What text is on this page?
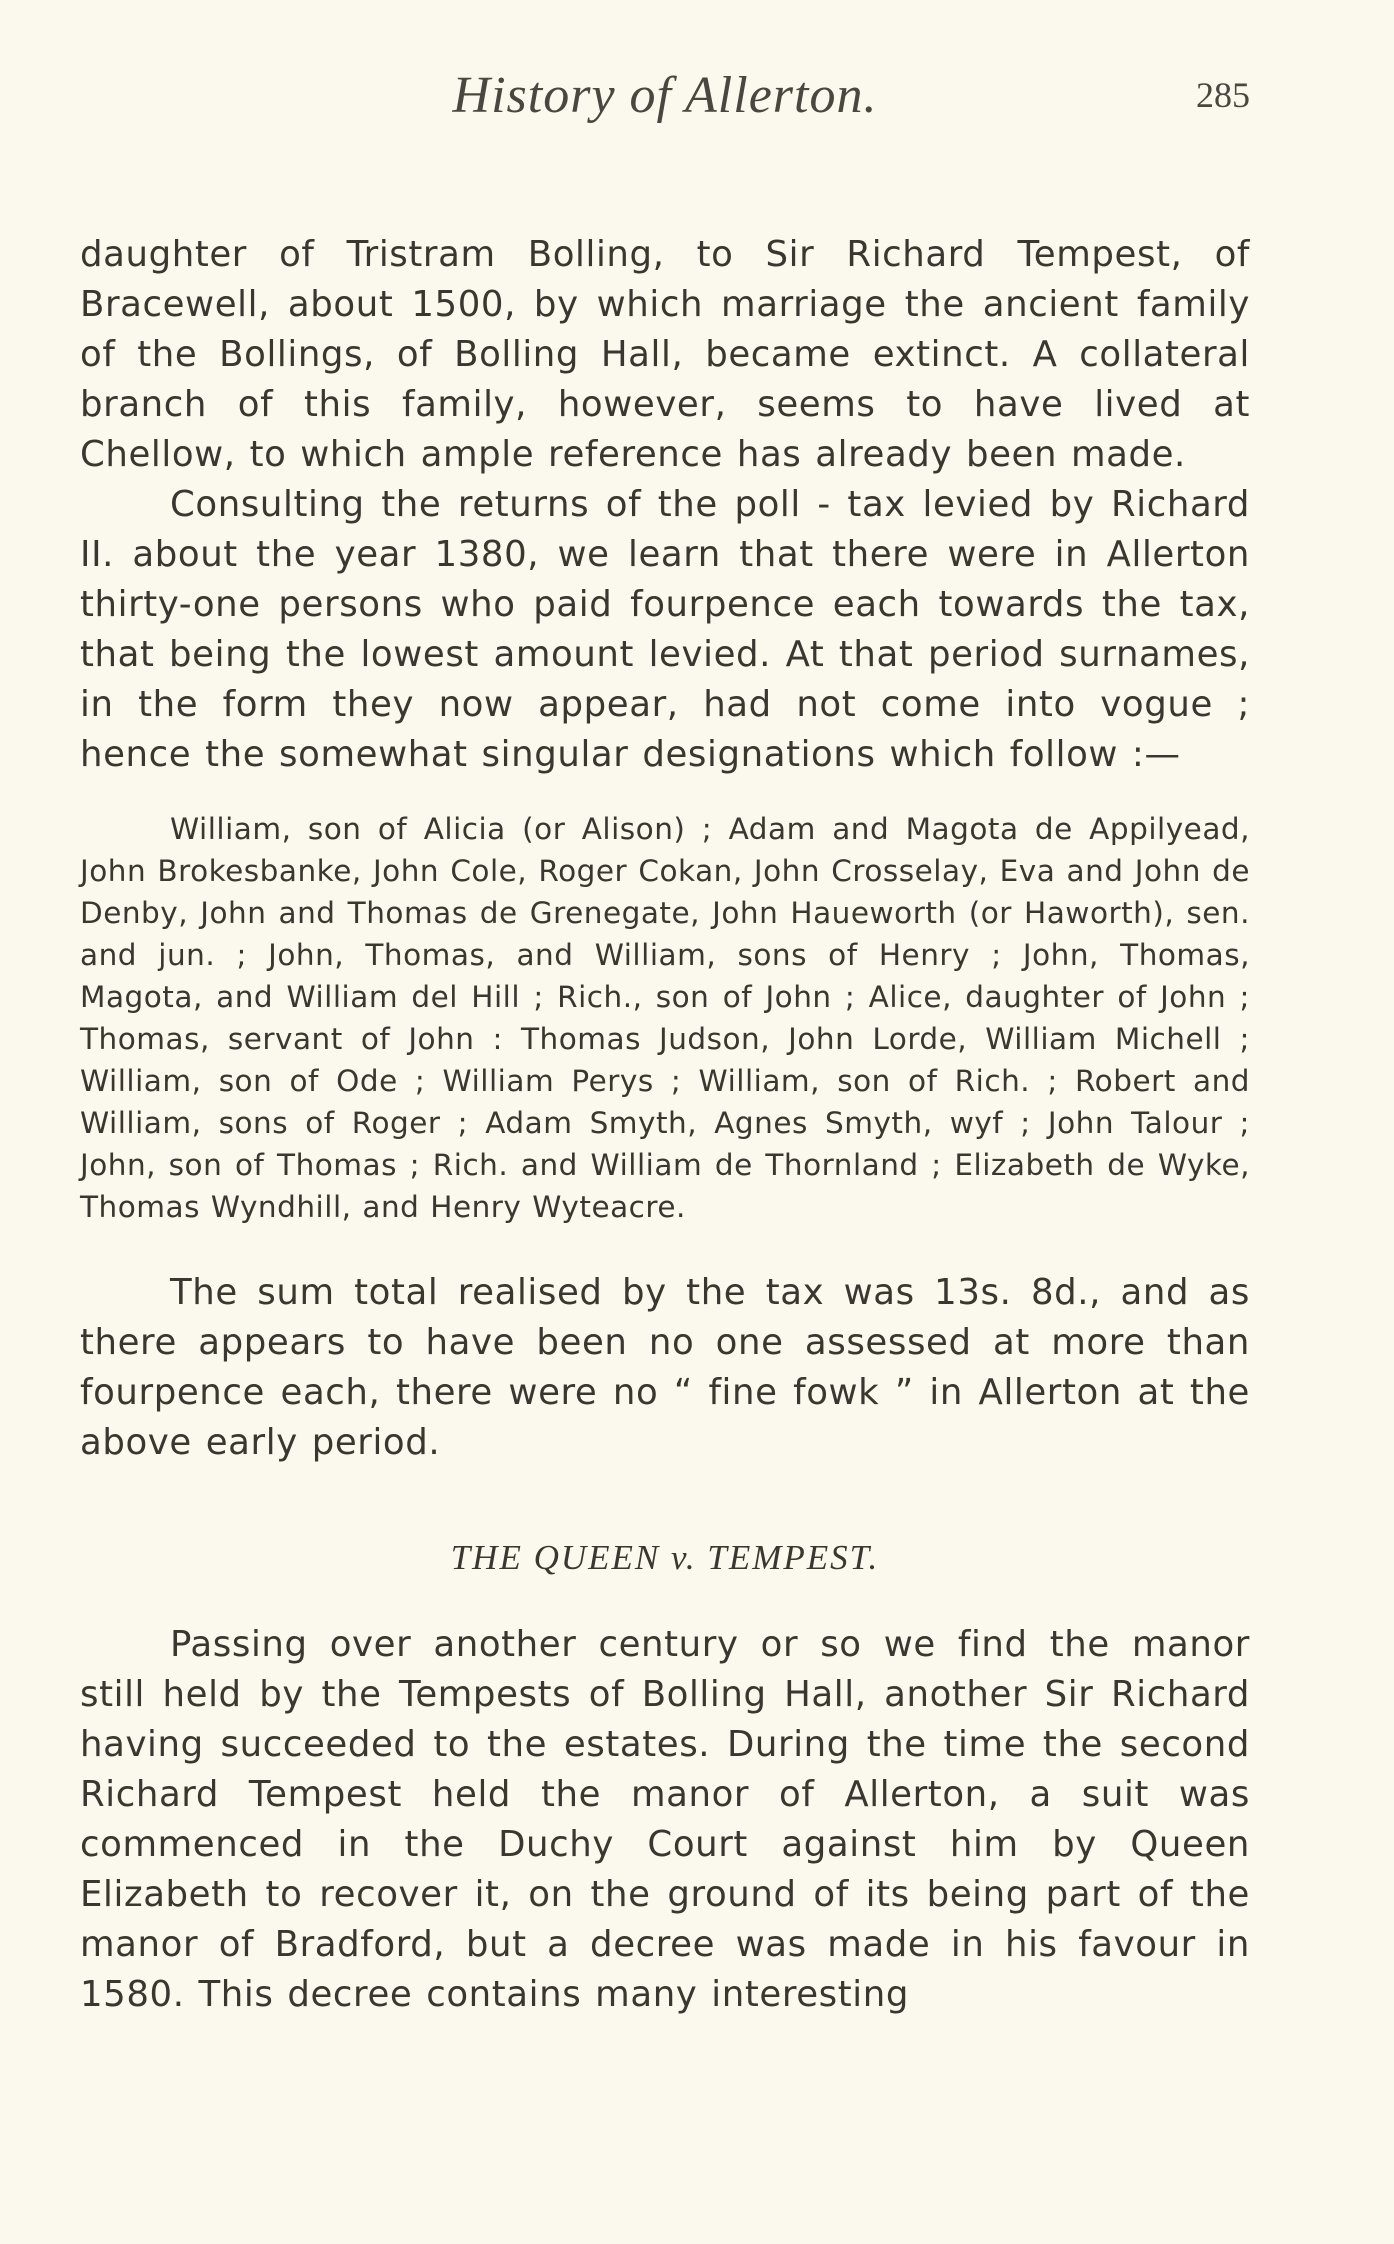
History of Allerton.	285

daughter of Tristram Bolling, to Sir Richard Tempest, of Bracewell, about 1500, by which marriage the ancient family of the Bollings, of Bolling Hall, became extinct. A collateral branch of this family, however, seems to have lived at Chellow, to which ample reference has already been made.

Consulting the returns of the poll - tax levied by Richard II. about the year 1380, we learn that there were in Allerton thirty-one persons who paid fourpence each towards the tax, that being the lowest amount levied. At that period surnames, in the form they now appear, had not come into vogue ; hence the somewhat singular designations which follow :—

William, son of Alicia (or Alison) ; Adam and Magota de Appilyead, John Brokesbanke, John Cole, Roger Cokan, John Crosselay, Eva and John de Denby, John and Thomas de Grenegate, John Haueworth (or Haworth), sen. and jun. ; John, Thomas, and William, sons of Henry ; John, Thomas, Magota, and William del Hill ; Rich., son of John ; Alice, daughter of John ; Thomas, servant of John : Thomas Judson, John Lorde, William Michell ; William, son of Ode ; William Perys ; William, son of Rich. ; Robert and William, sons of Roger ; Adam Smyth, Agnes Smyth, wyf ; John Talour ; John, son of Thomas ; Rich. and William de Thornland ; Elizabeth de Wyke, Thomas Wyndhill, and Henry Wyteacre.

The sum total realised by the tax was 13s. 8d., and as there appears to have been no one assessed at more than fourpence each, there were no “ fine fowk ” in Allerton at the above early period.

THE QUEEN v. TEMPEST.

Passing over another century or so we find the manor still held by the Tempests of Bolling Hall, another Sir Richard having succeeded to the estates. During the time the second Richard Tempest held the manor of Allerton, a suit was commenced in the Duchy Court against him by Queen Elizabeth to recover it, on the ground of its being part of the manor of Bradford, but a decree was made in his favour in 1580. This decree contains many interesting
